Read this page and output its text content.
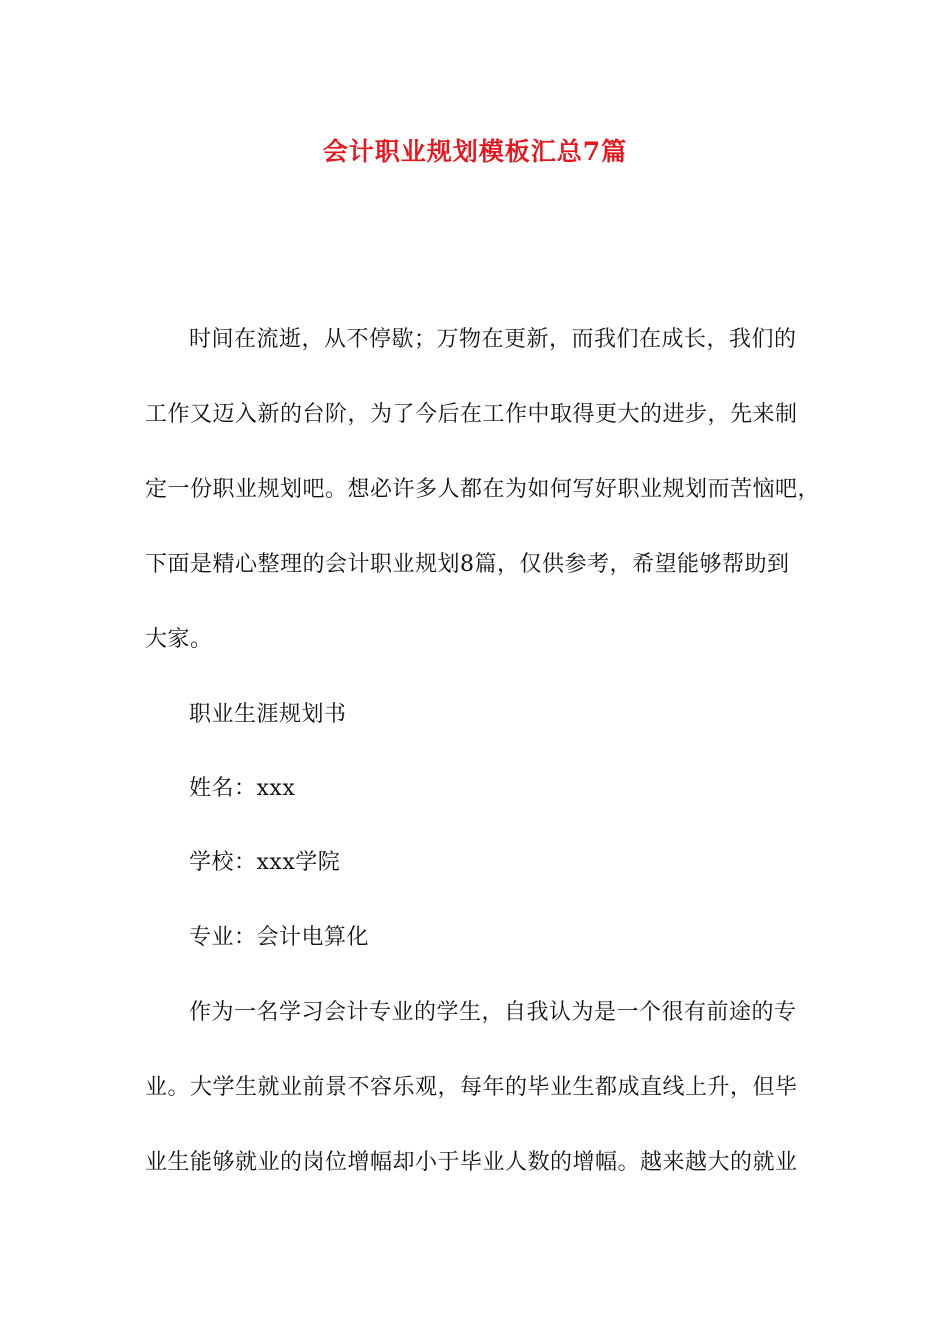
会计职业规划模板汇总7篇
时间在流逝，从不停歇；万物在更新，而我们在成长，我们的
工作又迈入新的台阶，为了今后在工作中取得更大的进步，先来制
定一份职业规划吧。想必许多人都在为如何写好职业规划而苦恼吧，
下面是精心整理的会计职业规划8篇，仅供参考，希望能够帮助到
大家。
职业生涯规划书
姓名：xxx
学校：xxx学院
专业：会计电算化
作为一名学习会计专业的学生，自我认为是一个很有前途的专
业。大学生就业前景不容乐观，每年的毕业生都成直线上升，但毕
业生能够就业的岗位增幅却小于毕业人数的增幅。越来越大的就业
